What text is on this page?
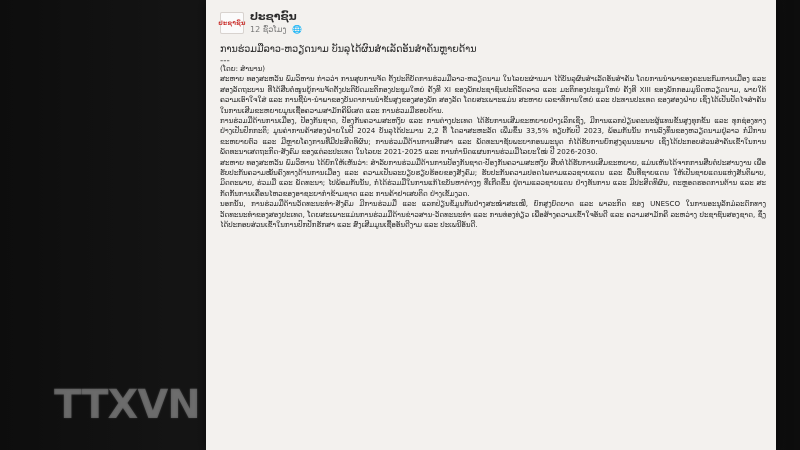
ປະຊາຊົນ ປະຊາຊົນ
12 ຊົ່ວໂມງ 🌐
ການຮ່ວມມືລາວ-ຫວຽດນາມ ບັນລຸໄດ້ຜົນສຳເລັດອັນສຳຄັນຫຼາຍດ້ານ
---

(ໂດຍ: ສຳນານ)

ສະຫາຍ ທອງສະຫວັນ ພົມວິຫານ ກ່າວວ່າ ການສຸບການຈັດ ຕັ້ງປະຕິບັດການຮ່ວມມືລາວ-ຫວຽດນາມ ໃນໄລຍະຜ່ານມາ ໄດ້ບັນລຸຜົນສຳເລັດອັນສຳຄັນ ໂດຍການນຳພາຂອງຄະນະກົມການເມືອງ ແລະ ສອງລັດຖະບານ ທີ່ໄດ້ສືບຕໍ່ໜູນຍູ້ການຈັດຕັ້ງປະຕິບັດມະຕິກອງປະຊຸມໃຫຍ່ ຄັ້ງທີ XI ຂອງພັກປະຊາຊົນປະຕິວັດລາວ ແລະ ມະຕິກອງປະຊຸມໃຫຍ່ ຄັ້ງທີ XIII ຂອງພັກກອມມູນິດຫວຽດນາມ, ພາຍໃຕ້ຄວາມເອົາໃຈໃສ່ ແລະ ການຊີ້ນຳ-ນຳພາຂອງບັນດາການນຳຂັ້ນສູງຂອງສອງພັກ ສອງລັດ ໂດຍສະເພາະແມ່ນ ສະຫາຍ ເລຂາທິການໃຫຍ່ ແລະ ປະທານປະເທດ ຂອງສອງຝ່າຍ ເຊິ່ງໄດ້ເປັນປັດໄຈສຳຄັນ ໃນການເສີມຂະຫຍາຍມູນເຊື້ອຄວາມສາມັກຄີພິເສດ ແລະ ການຮ່ວມມືຮອບດ້ານ.

ການຮ່ວມມືດ້ານການເມືອງ, ປ້ອງກັນຊາດ, ປ້ອງກັນຄວາມສະຫງົບ ແລະ ການຕ່າງປະເທດ ໄດ້ຮັບການເສີມຂະຫຍາຍຢ່າງເລິກເຊິ່ງ, ມີການແລກປ່ຽນຄະນະຜູ້ແທນຂັ້ນສູງທຸກຂັ້ນ ແລະ ທຸກຊ່ອງທາງ ຢ່າງເປັນປົກກະຕິ; ມູນຄ່າການຄ້າສອງຝ່າຍໃນປີ 2024 ບັນລຸໄດ້ປະມານ 2,2 ຕື້ ໂດລາສະຫະລັດ ເພີ່ມຂຶ້ນ 33,5% ທຽບກັບປີ 2023, ພ້ອມກັນນັ້ນ ການລົງທຶນຂອງຫວຽດນາມຢູ່ລາວ ກໍ່ມີການຂະຫຍາຍຕົວ ແລະ ມີຫຼາຍໂຄງການທີ່ມີປະສິດທິຜົນ; ການຮ່ວມມືດ້ານການສຶກສາ ແລະ ພັດທະນາຊັບພະຍາກອນມະນຸດ ກໍ່ໄດ້ຮັບການຍົກສູງຄຸນນະພາບ ເຊິ່ງໄດ້ປະກອບສ່ວນສຳຄັນເຂົ້າໃນການພັດທະນາເສດຖະກິດ-ສັງຄົມ ຂອງແຕ່ລະປະເທດ ໃນໄລຍະ 2021-2025 ແລະ ການກຳນົດແຜນການຮ່ວມມືໄລຍະໃໝ່ ປີ 2026-2030.

ສະຫາຍ ທອງສະຫວັນ ພົມວິຫານ ໄດ້ຍົກໃຫ້ເຫັນວ່າ: ສຳລັບການຮ່ວມມືດ້ານການປ້ອງກັນຊາດ-ປ້ອງກັນຄວາມສະຫງົບ ສືບຕໍ່ໄດ້ຮັບການເສີມຂະຫຍາຍ, ແມ່ນເຫັນໄດ້ຈາກການສືບຕໍ່ປະສານງານ ເພື່ອຮັບປະກັນຄວາມໝັ້ນຄົງທາງດ້ານການເມືອງ ແລະ ຄວາມເປັນລະບຽບຮຽບຮ້ອຍຂອງສັງຄົມ; ຮັບປະກັນຄວາມປອດໄພຕາມແລວຊາຍແດນ ແລະ ພື້ນທີ່ຊາຍແດນ ໃຫ້ເປັນຊາຍແດນແຫ່ງສັນຕິພາບ, ມິດຕະພາບ, ຮ່ວມມື ແລະ ພັດທະນາ; ໄປພ້ອມກັນນັ້ນ, ກໍ່ໄດ້ຮ່ວມມືໃນການແກ້ໄຂບັນຫາຕ່າງໆ ທີ່ເກີດຂຶ້ນ ຢູ່ຕາມແລວຊາຍແດນ ຢ່າງທັນການ ແລະ ມີປະສິດທິຜົນ, ຕະຫຼອດຮອດການຕ້ານ ແລະ ສະກັດກັ້ນການເຄື່ອນໄຫວຂອງອາຊະຍາກຳຂ້າມຊາດ ແລະ ການຄ້າຢາເສບຕິດ ຢ່າງເຂັ້ມງວດ.

ນອກນັ້ນ, ການຮ່ວມມືດ້ານວັດທະນະທຳ-ສັງຄົມ ມີການຮ່ວມມື ແລະ ແລກປ່ຽນຂໍ້ມູນກັນຢ່າງສະໝໍ່າສະເໝີ, ຍົກສູງບົດບາດ ແລະ ພາລະກິດ ຂອງ UNESCO ໃນການອະນຸລັກມໍລະດົກທາງວັດທະນະທຳຂອງສອງປະເທດ, ໂດຍສະເພາະແມ່ນການຮ່ວມມືດ້ານຂ່າວສານ-ວັດທະນະທຳ ແລະ ການທ່ອງທ່ຽວ ເພື່ອສ້າງຄວາມເຂົ້າໃຈອັນດີ ແລະ ຄວາມສາມັກຄີ ລະຫວ່າງ ປະຊາຊົນສອງຊາດ, ຊຶ່ງໄດ້ປະກອບສ່ວນເຂົ້າໃນການປົກປັກຮັກສາ ແລະ ສົ່ງເສີມມູນເຊື້ອອັນດີງາມ ແລະ ປະເພນີອັນດີ.

TTXVN
